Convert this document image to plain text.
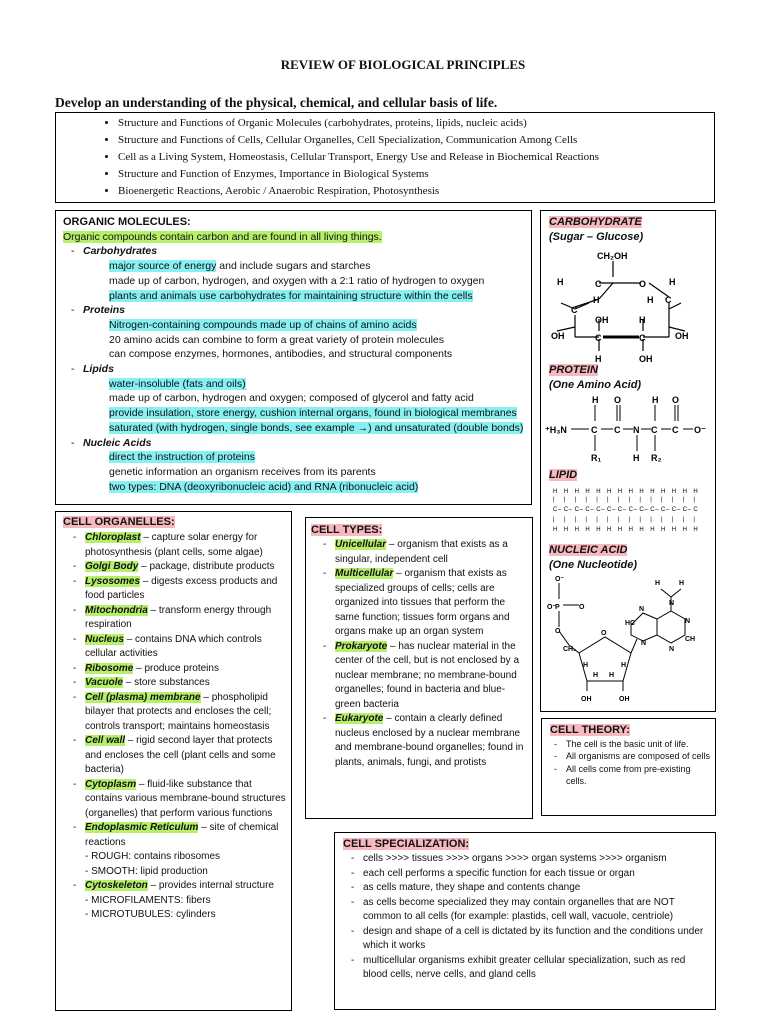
REVIEW OF BIOLOGICAL PRINCIPLES
Develop an understanding of the physical, chemical, and cellular basis of life.
• Structure and Functions of Organic Molecules (carbohydrates, proteins, lipids, nucleic acids)
• Structure and Functions of Cells, Cellular Organelles, Cell Specialization, Communication Among Cells
• Cell as a Living System, Homeostasis, Cellular Transport, Energy Use and Release in Biochemical Reactions
• Structure and Function of Enzymes, Importance in Biological Systems
• Bioenergetic Reactions, Aerobic / Anaerobic Respiration, Photosynthesis
ORGANIC MOLECULES:
Organic compounds contain carbon and are found in all living things.
- Carbohydrates
major source of energy and include sugars and starches
made up of carbon, hydrogen, and oxygen with a 2:1 ratio of hydrogen to oxygen
plants and animals use carbohydrates for maintaining structure within the cells
- Proteins
Nitrogen-containing compounds made up of chains of amino acids
20 amino acids can combine to form a great variety of protein molecules
can compose enzymes, hormones, antibodies, and structural components
- Lipids
water-insoluble (fats and oils)
made up of carbon, hydrogen and oxygen; composed of glycerol and fatty acid
provide insulation, store energy, cushion internal organs, found in biological membranes
saturated (with hydrogen, single bonds, see example →) and unsaturated (double bonds)
- Nucleic Acids
direct the instruction of proteins
genetic information an organism receives from its parents
two types: DNA (deoxyribonucleic acid) and RNA (ribonucleic acid)
CARBOHYDRATE
(Sugar – Glucose)
CH₂OH
C	O
H	H
C
H	C
H
OH	H
OH	OH
C	C
H	OH
PROTEIN
(One Amino Acid)
H O	H O
⁺H₃N	C C N C C O⁻
R₁	H R₂
LIPID
H
|
C
|
H
–
H
|
C
|
H
–
H
|
C
|
H
–
H
|
C
|
H
–
H
|
C
|
H
–
H
|
C
|
H
–
H
|
C
|
H
–
H
|
C
|
H
–
H
|
C
|
H
–
H
|
C
|
H
–
H
|
C
|
H
–
H
|
C
|
H
–
H
|
C
|
H
–
H
|
C
|
H
NUCLEIC ACID
(One Nucleotide)
O⁻
O⁻
P	O
O
CH₂
O
H	H
H H
OH	OH
H	H
N
HC
N
N
CH
N
N
CELL ORGANELLES:
- Chloroplast – capture solar energy for photosynthesis (plant cells, some algae)
- Golgi Body – package, distribute products
- Lysosomes – digests excess products and food particles
- Mitochondria – transform energy through respiration
- Nucleus – contains DNA which controls cellular activities
- Ribosome – produce proteins
- Vacuole – store substances
- Cell (plasma) membrane – phospholipid bilayer that protects and encloses the cell; controls transport; maintains homeostasis
- Cell wall – rigid second layer that protects and encloses the cell (plant cells and some bacteria)
- Cytoplasm – fluid-like substance that contains various membrane-bound structures (organelles) that perform various functions
- Endoplasmic Reticulum – site of chemical reactions
- ROUGH: contains ribosomes
- SMOOTH: lipid production
- Cytoskeleton – provides internal structure
- MICROFILAMENTS: fibers
- MICROTUBULES: cylinders
CELL TYPES:
- Unicellular – organism that exists as a singular, independent cell
- Multicellular – organism that exists as specialized groups of cells; cells are organized into tissues that perform the same function; tissues form organs and organs make up an organ system
- Prokaryote – has nuclear material in the center of the cell, but is not enclosed by a nuclear membrane; no membrane-bound organelles; found in bacteria and blue-green bacteria
- Eukaryote – contain a clearly defined nucleus enclosed by a nuclear membrane and membrane-bound organelles; found in plants, animals, fungi, and protists
CELL THEORY:
- The cell is the basic unit of life.
- All organisms are composed of cells
- All cells come from pre-existing cells.
CELL SPECIALIZATION:
- cells >>>> tissues >>>> organs >>>> organ systems >>>> organism
- each cell performs a specific function for each tissue or organ
- as cells mature, they shape and contents change
- as cells become specialized they may contain organelles that are NOT common to all cells (for example: plastids, cell wall, vacuole, centriole)
- design and shape of a cell is dictated by its function and the conditions under which it works
- multicellular organisms exhibit greater cellular specialization, such as red blood cells, nerve cells, and gland cells
